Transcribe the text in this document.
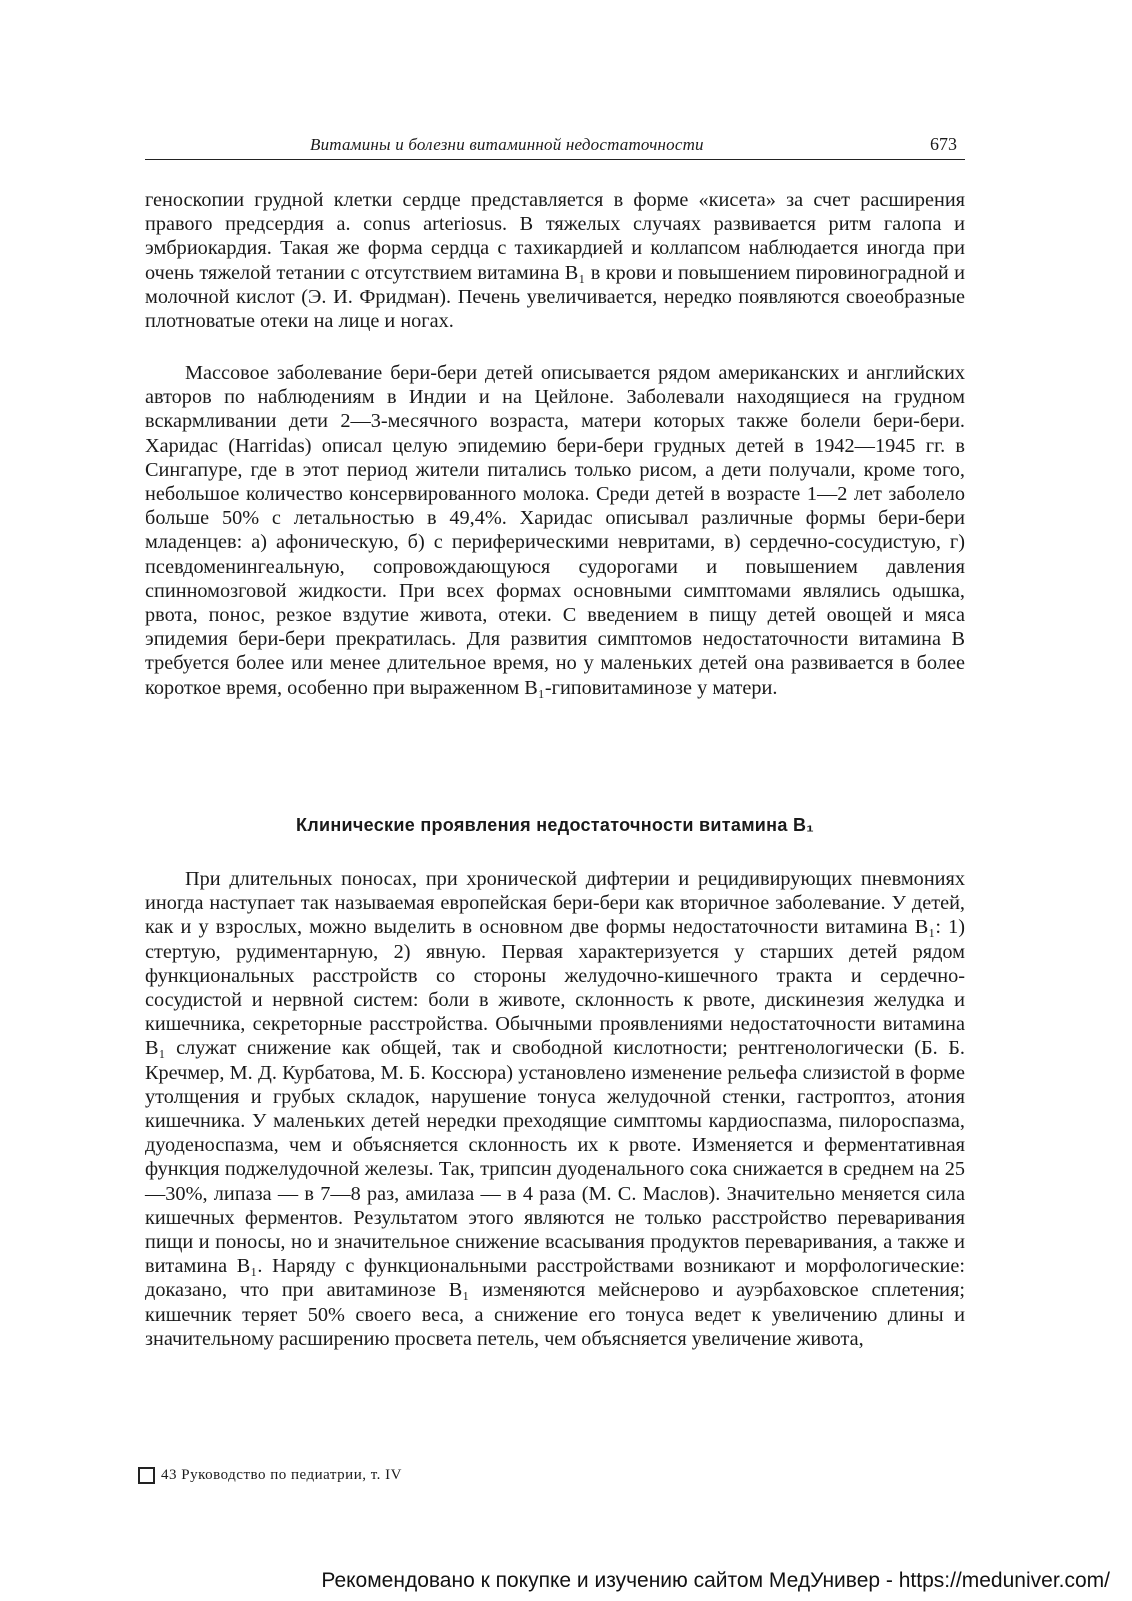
Витамины и болезни витаминной недостаточности	673

геноскопии грудной клетки сердце представляется в форме «кисета» за счет расширения правого предсердия a. conus arteriosus. В тяжелых случаях развивается ритм галопа и эмбриокардия. Такая же форма сердца с тахикардией и коллапсом наблюдается иногда при очень тяжелой тетании с отсутствием витамина B₁ в крови и повышением пировиноградной и молочной кислот (Э. И. Фридман). Печень увеличивается, нередко появляются своеобразные плотноватые отеки на лице и ногах.

Массовое заболевание бери-бери детей описывается рядом американских и английских авторов по наблюдениям в Индии и на Цейлоне. Заболевали находящиеся на грудном вскармливании дети 2—3-месячного возраста, матери которых также болели бери-бери. Харидас (Harridas) описал целую эпидемию бери-бери грудных детей в 1942—1945 гг. в Сингапуре, где в этот период жители питались только рисом, а дети получали, кроме того, небольшое количество консервированного молока. Среди детей в возрасте 1—2 лет заболело больше 50% с летальностью в 49,4%. Харидас описывал различные формы бери-бери младенцев: а) афоническую, б) с периферическими невритами, в) сердечно-сосудистую, г) псевдоменингеальную, сопровождающуюся судорогами и повышением давления спинномозговой жидкости. При всех формах основными симптомами являлись одышка, рвота, понос, резкое вздутие живота, отеки. С введением в пищу детей овощей и мяса эпидемия бери-бери прекратилась. Для развития симптомов недостаточности витамина B требуется более или менее длительное время, но у маленьких детей она развивается в более короткое время, особенно при выраженном B₁-гиповитаминозе у матери.

Клинические проявления недостаточности витамина B₁

При длительных поносах, при хронической дифтерии и рецидивирующих пневмониях иногда наступает так называемая европейская бери-бери как вторичное заболевание. У детей, как и у взрослых, можно выделить в основном две формы недостаточности витамина B₁: 1) стертую, рудиментарную, 2) явную. Первая характеризуется у старших детей рядом функциональных расстройств со стороны желудочно-кишечного тракта и сердечно-сосудистой и нервной систем: боли в животе, склонность к рвоте, дискинезия желудка и кишечника, секреторные расстройства. Обычными проявлениями недостаточности витамина B₁ служат снижение как общей, так и свободной кислотности; рентгенологически (Б. Б. Кречмер, М. Д. Курбатова, М. Б. Коссюра) установлено изменение рельефа слизистой в форме утолщения и грубых складок, нарушение тонуса желудочной стенки, гастроптоз, атония кишечника. У маленьких детей нередки преходящие симптомы кардиоспазма, пилороспазма, дуоденоспазма, чем и объясняется склонность их к рвоте. Изменяется и ферментативная функция поджелудочной железы. Так, трипсин дуоденального сока снижается в среднем на 25—30%, липаза — в 7—8 раз, амилаза — в 4 раза (М. С. Маслов). Значительно меняется сила кишечных ферментов. Результатом этого являются не только расстройство переваривания пищи и поносы, но и значительное снижение всасывания продуктов переваривания, а также и витамина B₁. Наряду с функциональными расстройствами возникают и морфологические: доказано, что при авитаминозе B₁ изменяются мейснерово и ауэрбаховское сплетения; кишечник теряет 50% своего веса, а снижение его тонуса ведет к увеличению длины и значительному расширению просвета петель, чем объясняется увеличение живота,

43 Руководство по педиатрии, т. IV
Рекомендовано к покупке и изучению сайтом МедУнивер - https://meduniver.com/
